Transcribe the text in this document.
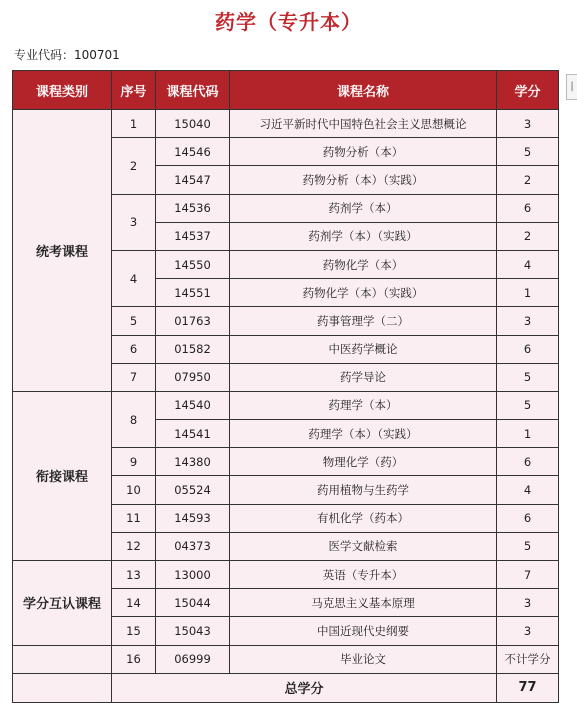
药学（专升本）
专业代码：100701
|
课程类别	序号	课程代码	课程名称	学分
统考课程	1	15040	习近平新时代中国特色社会主义思想概论	3
	2	14546	药物分析（本）	5
		14547	药物分析（本）（实践）	2
	3	14536	药剂学（本）	6
		14537	药剂学（本）（实践）	2
	4	14550	药物化学（本）	4
		14551	药物化学（本）（实践）	1
	5	01763	药事管理学（二）	3
	6	01582	中医药学概论	6
	7	07950	药学导论	5
衔接课程	8	14540	药理学（本）	5
		14541	药理学（本）（实践）	1
	9	14380	物理化学（药）	6
	10	05524	药用植物与生药学	4
	11	14593	有机化学（药本）	6
	12	04373	医学文献检索	5
学分互认课程	13	13000	英语（专升本）	7
	14	15044	马克思主义基本原理	3
	15	15043	中国近现代史纲要	3
	16	06999	毕业论文	不计学分
	总学分			77
